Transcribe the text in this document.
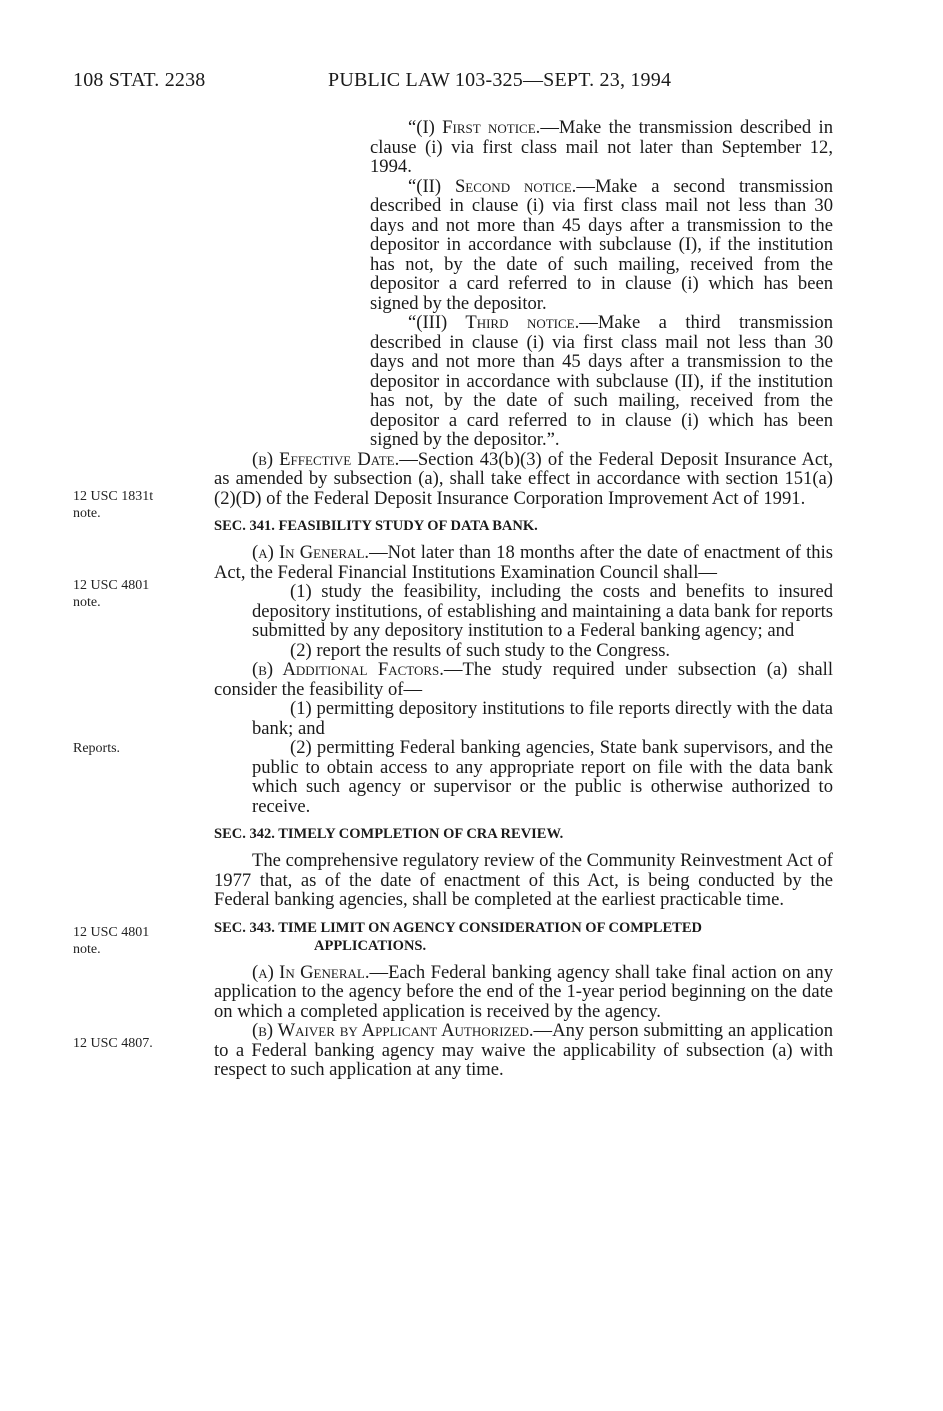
108 STAT. 2238	PUBLIC LAW 103-325—SEPT. 23, 1994
12 USC 1831t note.
12 USC 4801 note.
Reports.
12 USC 4801 note.
12 USC 4807.

“(I) First notice.—Make the transmission described in clause (i) via first class mail not later than September 12, 1994.

“(II) Second notice.—Make a second transmission described in clause (i) via first class mail not less than 30 days and not more than 45 days after a transmission to the depositor in accordance with subclause (I), if the institution has not, by the date of such mailing, received from the depositor a card referred to in clause (i) which has been signed by the depositor.

“(III) Third notice.—Make a third transmission described in clause (i) via first class mail not less than 30 days and not more than 45 days after a transmission to the depositor in accordance with subclause (II), if the institution has not, by the date of such mailing, received from the depositor a card referred to in clause (i) which has been signed by the depositor.”.

(b) Effective Date.—Section 43(b)(3) of the Federal Deposit Insurance Act, as amended by subsection (a), shall take effect in accordance with section 151(a)(2)(D) of the Federal Deposit Insurance Corporation Improvement Act of 1991.

SEC. 341. FEASIBILITY STUDY OF DATA BANK.

(a) In General.—Not later than 18 months after the date of enactment of this Act, the Federal Financial Institutions Examination Council shall—

(1) study the feasibility, including the costs and benefits to insured depository institutions, of establishing and maintaining a data bank for reports submitted by any depository institution to a Federal banking agency; and

(2) report the results of such study to the Congress.

(b) Additional Factors.—The study required under subsection (a) shall consider the feasibility of—

(1) permitting depository institutions to file reports directly with the data bank; and

(2) permitting Federal banking agencies, State bank supervisors, and the public to obtain access to any appropriate report on file with the data bank which such agency or supervisor or the public is otherwise authorized to receive.

SEC. 342. TIMELY COMPLETION OF CRA REVIEW.

The comprehensive regulatory review of the Community Reinvestment Act of 1977 that, as of the date of enactment of this Act, is being conducted by the Federal banking agencies, shall be completed at the earliest practicable time.

SEC. 343. TIME LIMIT ON AGENCY CONSIDERATION OF COMPLETED
APPLICATIONS.

(a) In General.—Each Federal banking agency shall take final action on any application to the agency before the end of the 1-year period beginning on the date on which a completed application is received by the agency.

(b) Waiver by Applicant Authorized.—Any person submitting an application to a Federal banking agency may waive the applicability of subsection (a) with respect to such application at any time.
